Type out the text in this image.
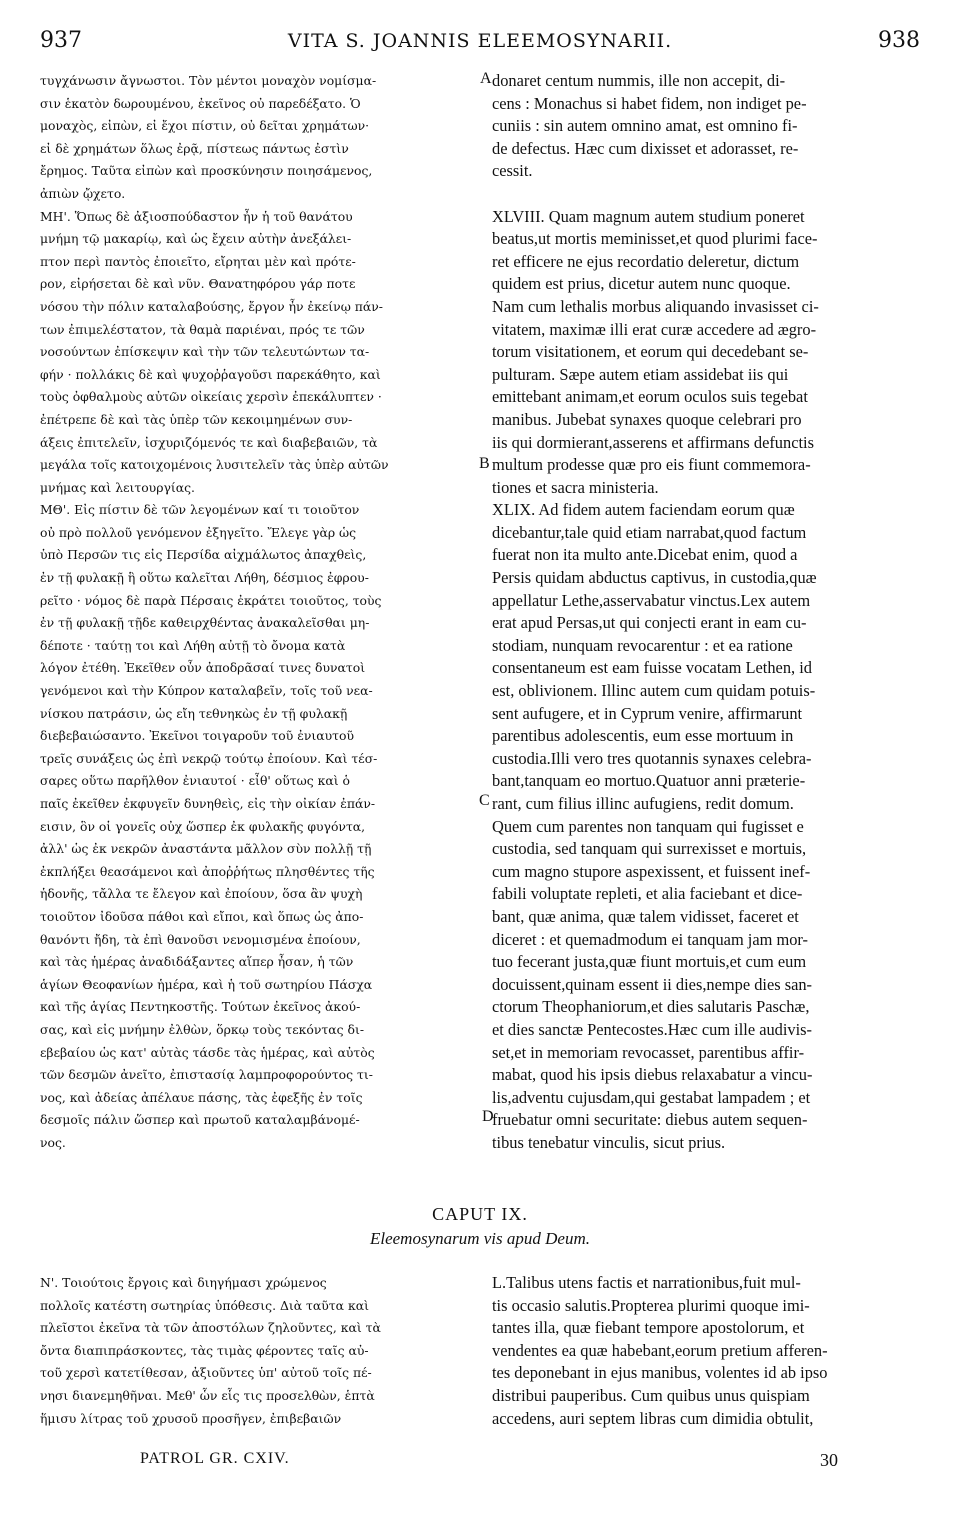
937	VITA S. JOANNIS ELEEMOSYNARII.	938
τυγχάνωσιν ἄγνωστοι. Τὸν μέντοι μοναχὸν νομίσμα-
σιν ἑκατὸν δωρουμένου, ἐκεῖνος οὐ παρεδέξατο. Ὁ
μοναχὸς, εἰπὼν, εἰ ἔχοι πίστιν, οὐ δεῖται χρημάτων·
εἰ δὲ χρημάτων ὅλως ἐρᾷ, πίστεως πάντως ἐστὶν
ἔρημος. Ταῦτα εἰπὼν καὶ προσκύνησιν ποιησάμενος,
ἀπιὼν ᾤχετο.
ΜΗ'. Ὅπως δὲ ἀξιοσπούδαστον ἦν ἡ τοῦ θανάτου
μνήμη τῷ μακαρίῳ, καὶ ὡς ἔχειν αὐτὴν ἀνεξάλει-
πτον περὶ παντὸς ἐποιεῖτο, εἴρηται μὲν καὶ πρότε-
ρον, εἰρήσεται δὲ καὶ νῦν. Θανατηφόρου γάρ ποτε
νόσου τὴν πόλιν καταλαβούσης, ἔργον ἦν ἐκείνῳ πάν-
των ἐπιμελέστατον, τὰ θαμὰ παριέναι, πρός τε τῶν
νοσούντων ἐπίσκεψιν καὶ τὴν τῶν τελευτώντων τα-
φήν · πολλάκις δὲ καὶ ψυχοῤῥαγοῦσι παρεκάθητο, καὶ
τοὺς ὀφθαλμοὺς αὐτῶν οἰκείαις χερσὶν ἐπεκάλυπτεν ·
ἐπέτρεπε δὲ καὶ τὰς ὑπὲρ τῶν κεκοιμημένων συν-
άξεις ἐπιτελεῖν, ἰσχυριζόμενός τε καὶ διαβεβαιῶν, τὰ
μεγάλα τοῖς κατοιχομένοις λυσιτελεῖν τὰς ὑπὲρ αὐτῶν
μνήμας καὶ λειτουργίας.
ΜΘ'. Εἰς πίστιν δὲ τῶν λεγομένων καί τι τοιοῦτον
οὐ πρὸ πολλοῦ γενόμενον ἐξηγεῖτο. Ἔλεγε γὰρ ὡς
ὑπὸ Περσῶν τις εἰς Περσίδα αἰχμάλωτος ἀπαχθεὶς,
ἐν τῇ φυλακῇ ἣ οὕτω καλεῖται Λήθη, δέσμιος ἐφρου-
ρεῖτο · νόμος δὲ παρὰ Πέρσαις ἐκράτει τοιοῦτος, τοὺς
ἐν τῇ φυλακῇ τῇδε καθειρχθέντας ἀνακαλεῖσθαι μη-
δέποτε · ταύτῃ τοι καὶ Λήθη αὐτῇ τὸ ὄνομα κατὰ
λόγον ἐτέθη. Ἐκεῖθεν οὖν ἀποδρᾶσαί τινες δυνατοὶ
γενόμενοι καὶ τὴν Κύπρον καταλαβεῖν, τοῖς τοῦ νεα-
νίσκου πατράσιν, ὡς εἴη τεθνηκὼς ἐν τῇ φυλακῇ
διεβεβαιώσαντο. Ἐκεῖνοι τοιγαροῦν τοῦ ἐνιαυτοῦ
τρεῖς συνάξεις ὡς ἐπὶ νεκρῷ τούτῳ ἐποίουν. Καὶ τέσ-
σαρες οὕτω παρῆλθον ἐνιαυτοί · εἶθ' οὕτως καὶ ὁ
παῖς ἐκεῖθεν ἐκφυγεῖν δυνηθεὶς, εἰς τὴν οἰκίαν ἐπάν-
εισιν, ὃν οἱ γονεῖς οὐχ ὥσπερ ἐκ φυλακῆς φυγόντα,
ἀλλ' ὡς ἐκ νεκρῶν ἀναστάντα μᾶλλον σὺν πολλῇ τῇ
ἐκπλήξει θεασάμενοι καὶ ἀποῤῥήτως πλησθέντες τῆς
ἡδονῆς, τἄλλα τε ἔλεγον καὶ ἐποίουν, ὅσα ἂν ψυχὴ
τοιοῦτον ἰδοῦσα πάθοι καὶ εἴποι, καὶ ὅπως ὡς ἀπο-
θανόντι ἤδη, τὰ ἐπὶ θανοῦσι νενομισμένα ἐποίουν,
καὶ τὰς ἡμέρας ἀναδιδάξαντες αἵπερ ἦσαν, ἡ τῶν
ἁγίων Θεοφανίων ἡμέρα, καὶ ἡ τοῦ σωτηρίου Πάσχα
καὶ τῆς ἁγίας Πεντηκοστῆς. Τούτων ἐκεῖνος ἀκού-
σας, καὶ εἰς μνήμην ἐλθὼν, ὅρκῳ τοὺς τεκόντας δι-
εβεβαίου ὡς κατ' αὐτὰς τάσδε τὰς ἡμέρας, καὶ αὐτὸς
τῶν δεσμῶν ἀνεῖτο, ἐπιστασίᾳ λαμπροφορούντος τι-
νος, καὶ ἀδείας ἀπέλαυε πάσης, τὰς ἐφεξῆς ἐν τοῖς
δεσμοῖς πάλιν ὥσπερ καὶ πρωτοῦ καταλαμβάνομέ-
νος.
donaret centum nummis, ille non accepit, di-
cens : Monachus si habet fidem, non indiget pe-
cuniis : sin autem omnino amat, est omnino fi-
de defectus. Hæc cum dixisset et adorasset, re-
cessit.

XLVIII. Quam magnum autem studium poneret
beatus,ut mortis meminisset,et quod plurimi face-
ret efficere ne ejus recordatio deleretur, dictum
quidem est prius, dicetur autem nunc quoque.
Nam cum lethalis morbus aliquando invasisset ci-
vitatem, maximæ illi erat curæ accedere ad ægro-
torum visitationem, et eorum qui decedebant se-
pulturam. Sæpe autem etiam assidebat iis qui
emittebant animam,et eorum oculos suis tegebat
manibus. Jubebat synaxes quoque celebrari pro
iis qui dormierant,asserens et affirmans defunctis
multum prodesse quæ pro eis fiunt commemora-
tiones et sacra ministeria.
XLIX. Ad fidem autem faciendam eorum quæ
dicebantur,tale quid etiam narrabat,quod factum
fuerat non ita multo ante.Dicebat enim, quod a
Persis quidam abductus captivus, in custodia,quæ
appellatur Lethe,asservabatur vinctus.Lex autem
erat apud Persas,ut qui conjecti erant in eam cu-
stodiam, nunquam revocarentur : et ea ratione
consentaneum est eam fuisse vocatam Lethen, id
est, oblivionem. Illinc autem cum quidam potuis-
sent aufugere, et in Cyprum venire, affirmarunt
parentibus adolescentis, eum esse mortuum in
custodia.Illi vero tres quotannis synaxes celebra-
bant,tanquam eo mortuo.Quatuor anni præterie-
rant, cum filius illinc aufugiens, redit domum.
Quem cum parentes non tanquam qui fugisset e
custodia, sed tanquam qui surrexisset e mortuis,
cum magno stupore aspexissent, et fuissent inef-
fabili voluptate repleti, et alia faciebant et dice-
bant, quæ anima, quæ talem vidisset, faceret et
diceret : et quemadmodum ei tanquam jam mor-
tuo fecerant justa,quæ fiunt mortuis,et cum eum
docuissent,quinam essent ii dies,nempe dies san-
ctorum Theophaniorum,et dies salutaris Paschæ,
et dies sanctæ Pentecostes.Hæc cum ille audivis-
set,et in memoriam revocasset, parentibus affir-
mabat, quod his ipsis diebus relaxabatur a vincu-
lis,adventu cujusdam,qui gestabat lampadem ; et
fruebatur omni securitate: diebus autem sequen-
tibus tenebatur vinculis, sicut prius.
A
B
C
D
CAPUT IX.
Eleemosynarum vis apud Deum.
Ν'. Τοιούτοις ἔργοις καὶ διηγήμασι χρώμενος
πολλοῖς κατέστη σωτηρίας ὑπόθεσις. Διὰ ταῦτα καὶ
πλεῖστοι ἐκεῖνα τὰ τῶν ἀποστόλων ζηλοῦντες, καὶ τὰ
ὄντα διαπιπράσκοντες, τὰς τιμὰς φέροντες ταῖς αὐ-
τοῦ χερσὶ κατετίθεσαν, ἀξιοῦντες ὑπ' αὐτοῦ τοῖς πέ-
νησι διανεμηθῆναι. Μεθ' ὧν εἷς τις προσελθὼν, ἑπτὰ
ἥμισυ λίτρας τοῦ χρυσοῦ προσῆγεν, ἐπιβεβαιῶν
L.Talibus utens factis et narrationibus,fuit mul-
tis occasio salutis.Propterea plurimi quoque imi-
tantes illa, quæ fiebant tempore apostolorum, et
vendentes ea quæ habebant,eorum pretium afferen-
tes deponebant in ejus manibus, volentes id ab ipso
distribui pauperibus. Cum quibus unus quispiam
accedens, auri septem libras cum dimidia obtulit,
PATROL GR. CXIV.	30
